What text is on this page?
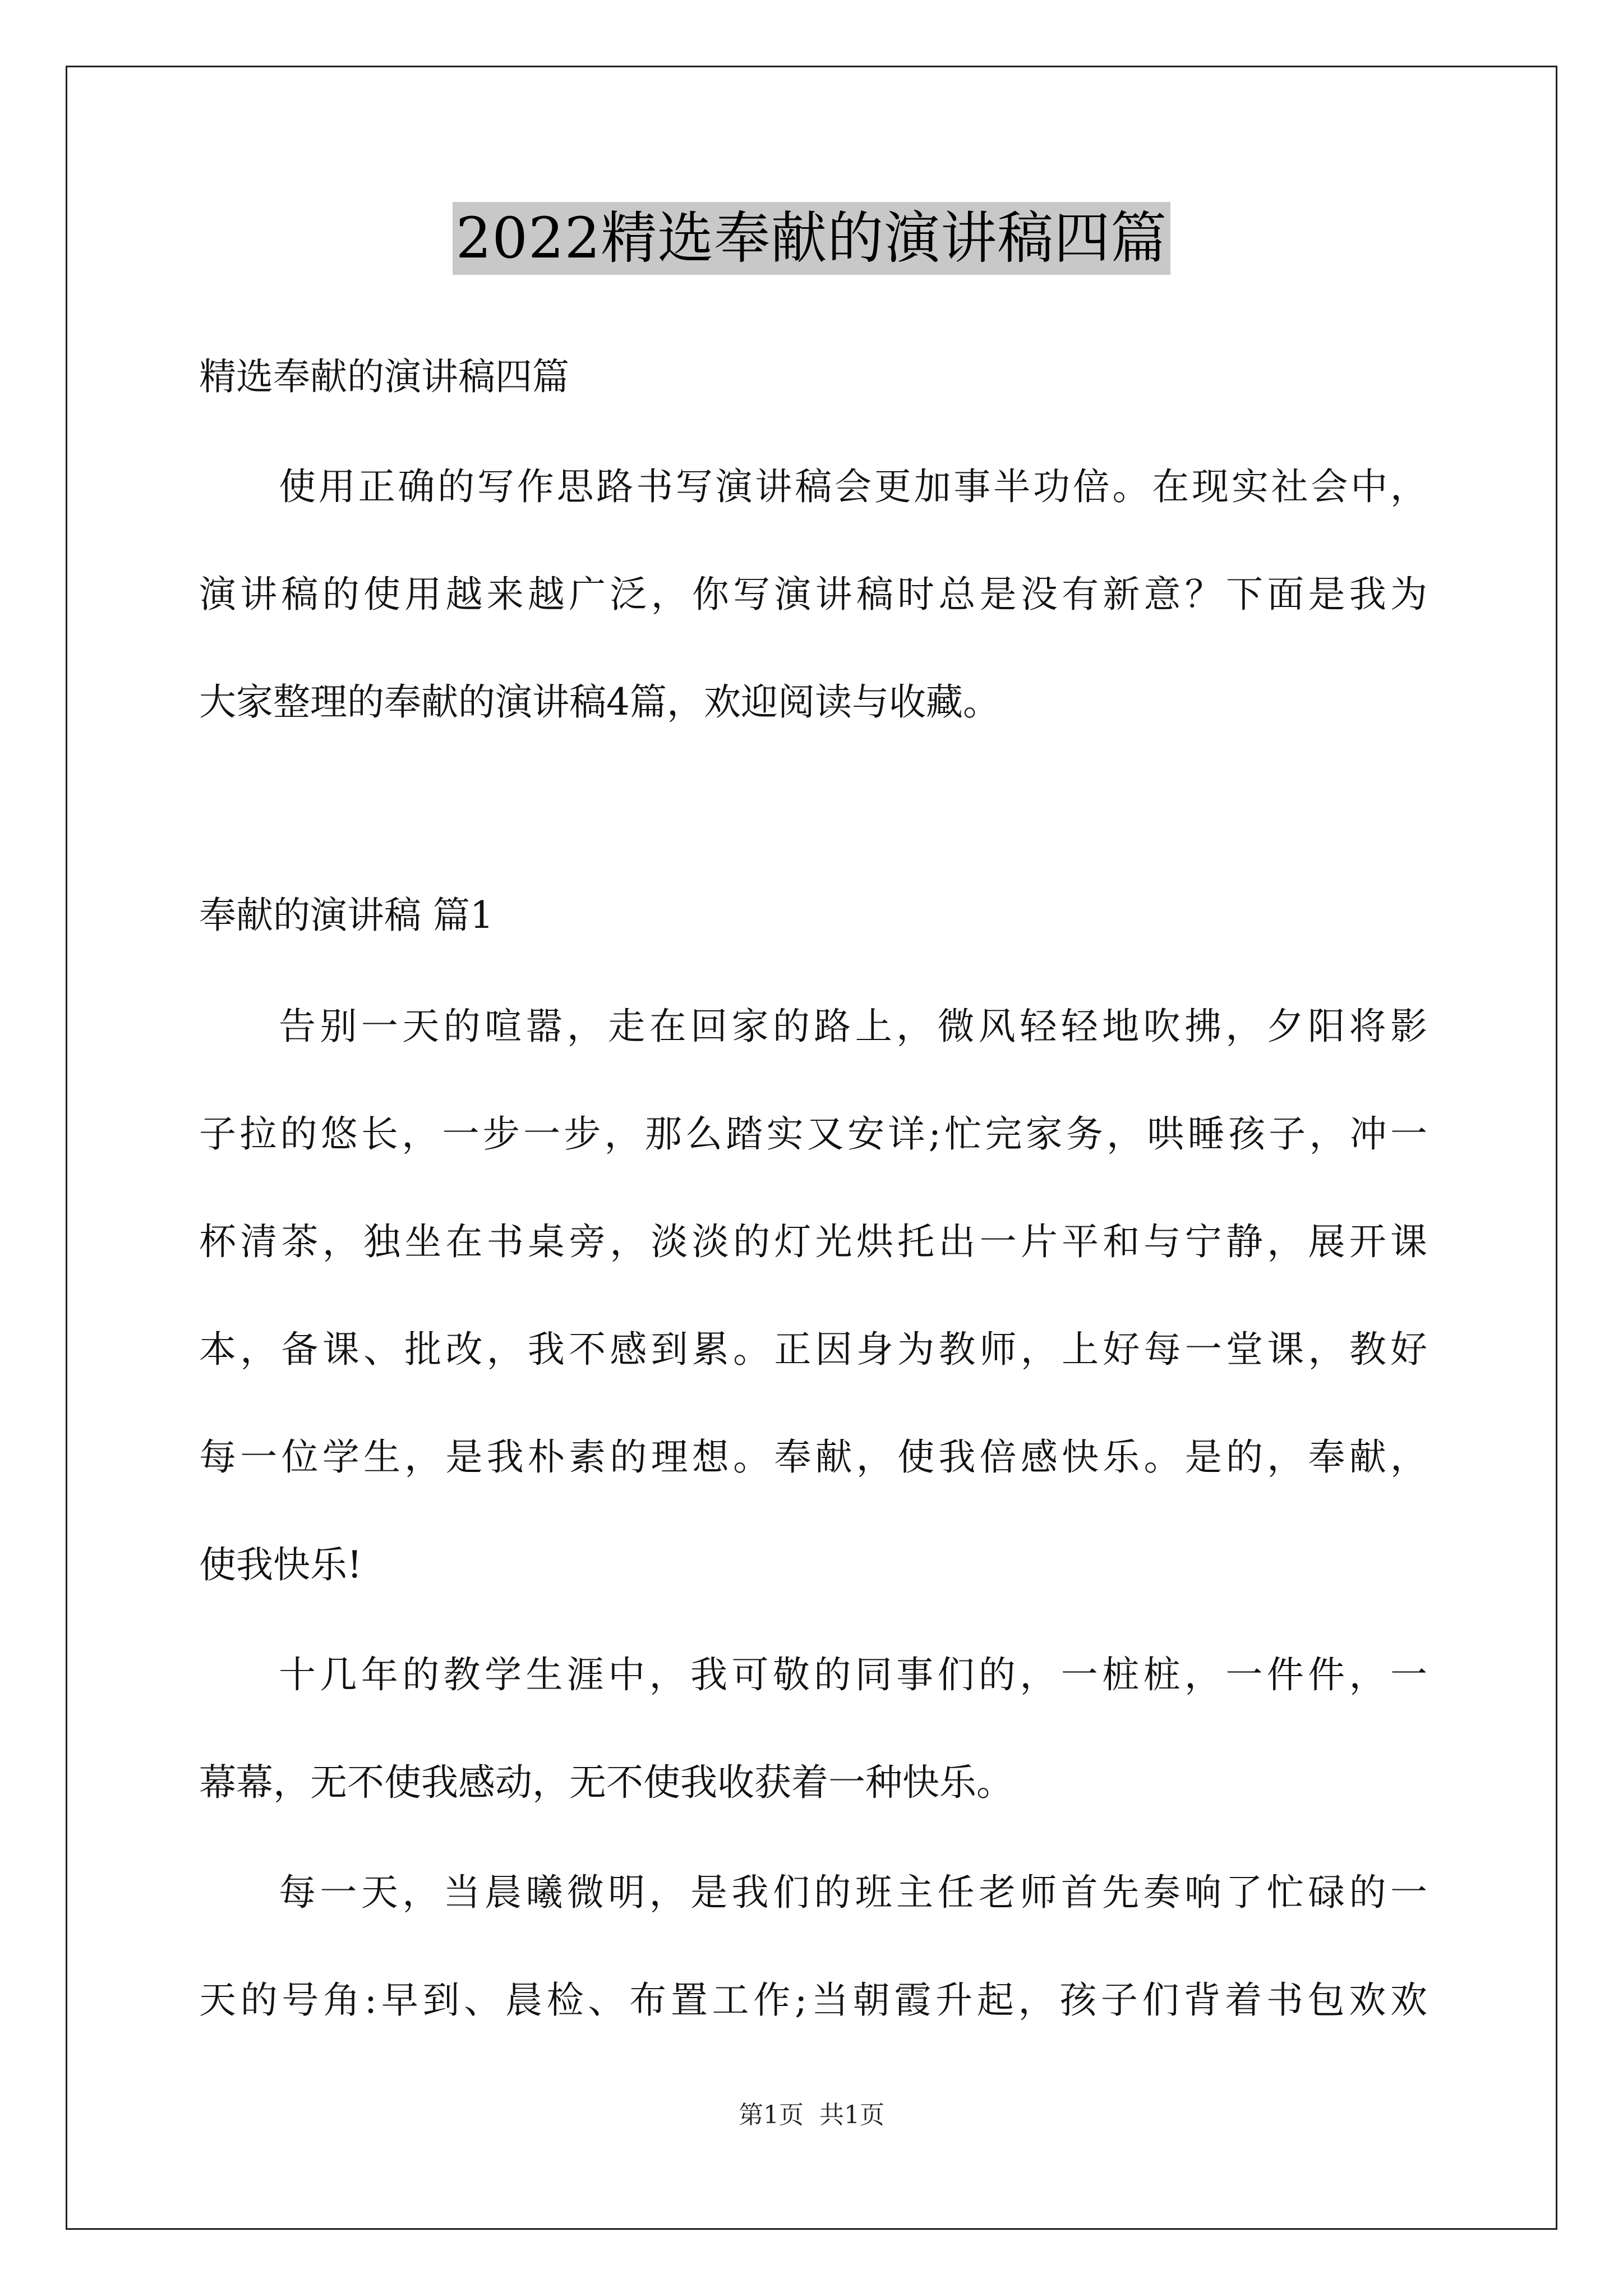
2022精选奉献的演讲稿四篇
精选奉献的演讲稿四篇
使用正确的写作思路书写演讲稿会更加事半功倍。在现实社会中，
演讲稿的使用越来越广泛，你写演讲稿时总是没有新意？下面是我为
大家整理的奉献的演讲稿4篇，欢迎阅读与收藏。
奉献的演讲稿 篇1
告别一天的喧嚣，走在回家的路上，微风轻轻地吹拂，夕阳将影
子拉的悠长，一步一步，那么踏实又安详;忙完家务，哄睡孩子，冲一
杯清茶，独坐在书桌旁，淡淡的灯光烘托出一片平和与宁静，展开课
本，备课、批改，我不感到累。正因身为教师，上好每一堂课，教好
每一位学生，是我朴素的理想。奉献，使我倍感快乐。是的，奉献，
使我快乐!
十几年的教学生涯中，我可敬的同事们的，一桩桩，一件件，一
幕幕，无不使我感动，无不使我收获着一种快乐。
每一天，当晨曦微明，是我们的班主任老师首先奏响了忙碌的一
天的号角:早到、晨检、布置工作;当朝霞升起，孩子们背着书包欢欢
第1页 共1页
